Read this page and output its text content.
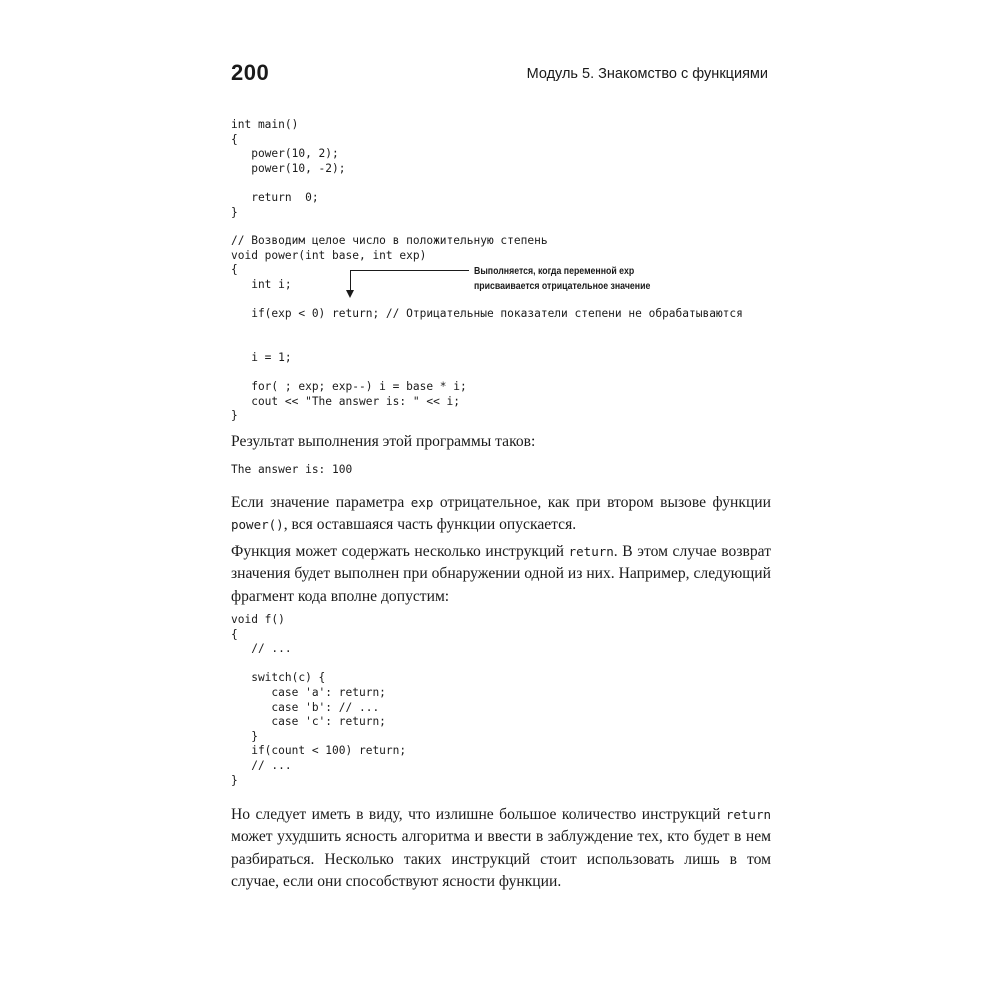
200	Модуль 5. Знакомство с функциями
int main()
{
power(10, 2);
power(10, -2);

return  0;
}
// Возводим целое число в положительную степень
void power(int base, int exp)
{
int i;

if(exp < 0) return; // Отрицательные показатели степени не обрабатываются

i = 1;

for( ; exp; exp--) i = base * i;
cout << "The answer is: " << i;
}
Выполняется, когда переменной exp
присваивается отрицательное значение

Результат выполнения этой программы таков:

The answer is: 100

Если значение параметра exp отрицательное, как при втором вызове функции power(), вся оставшаяся часть функции опускается.

Функция может содержать несколько инструкций return. В этом случае возврат значения будет выполнен при обнаружении одной из них. Например, следующий фрагмент кода вполне допустим:

void f()
{
// ...

switch(c) {
case 'a': return;
case 'b': // ...
case 'c': return;
}
if(count < 100) return;
// ...
}

Но следует иметь в виду, что излишне большое количество инструкций return может ухудшить ясность алгоритма и ввести в заблуждение тех, кто будет в нем разбираться. Несколько таких инструкций стоит использовать лишь в том случае, если они способствуют ясности функции.
